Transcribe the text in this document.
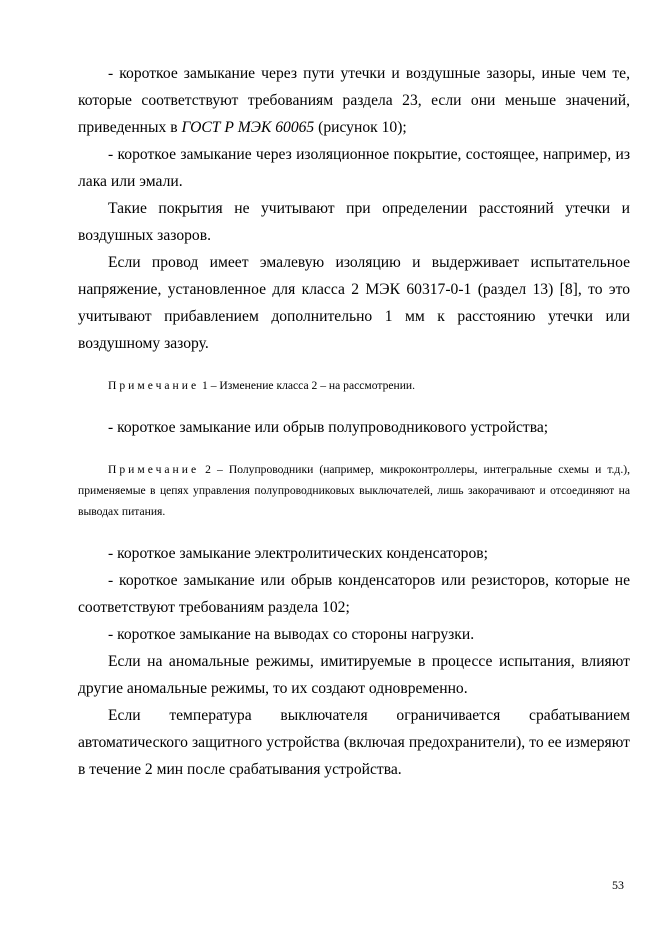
- короткое замыкание через пути утечки и воздушные зазоры, иные чем те, которые соответствуют требованиям раздела 23, если они меньше значений, приведенных в ГОСТ Р МЭК 60065 (рисунок 10);

- короткое замыкание через изоляционное покрытие, состоящее, например, из лака или эмали.

Такие покрытия не учитывают при определении расстояний утечки и воздушных зазоров.

Если провод имеет эмалевую изоляцию и выдерживает испытательное напряжение, установленное для класса 2 МЭК 60317-0-1 (раздел 13) [8], то это учитывают прибавлением дополнительно 1 мм к расстоянию утечки или воздушному зазору.

Примечание 1 – Изменение класса 2 – на рассмотрении.

- короткое замыкание или обрыв полупроводникового устройства;

Примечание 2 – Полупроводники (например, микроконтроллеры, интегральные схемы и т.д.), применяемые в цепях управления полупроводниковых выключателей, лишь закорачивают и отсоединяют на выводах питания.

- короткое замыкание электролитических конденсаторов;

- короткое замыкание или обрыв конденсаторов или резисторов, которые не соответствуют требованиям раздела 102;

- короткое замыкание на выводах со стороны нагрузки.

Если на аномальные режимы, имитируемые в процессе испытания, влияют другие аномальные режимы, то их создают одновременно.

Если температура выключателя ограничивается срабатыванием автоматического защитного устройства (включая предохранители), то ее измеряют в течение 2 мин после срабатывания устройства.

53
